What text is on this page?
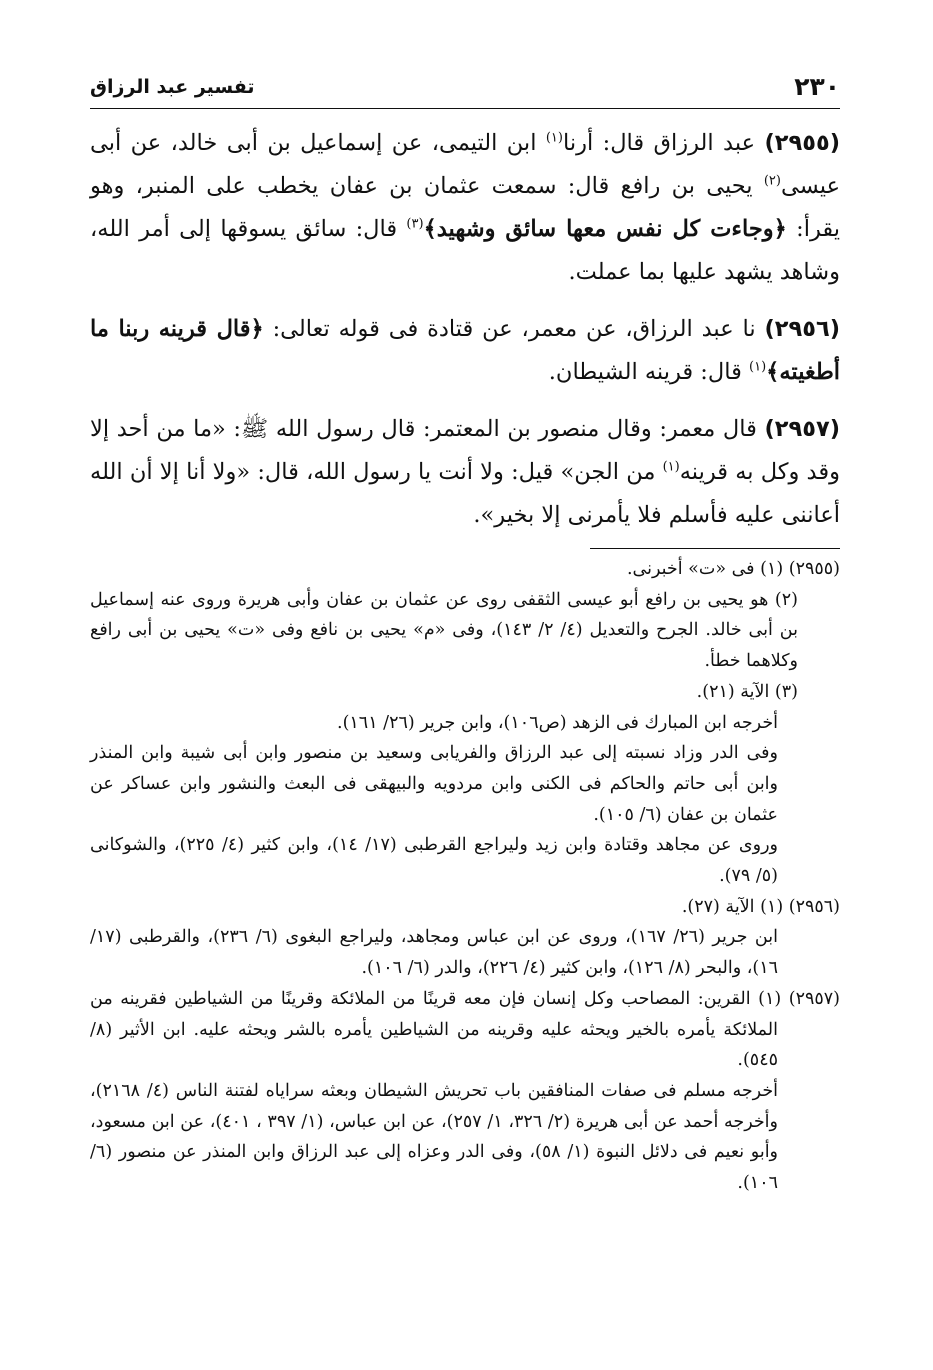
٢٣٠
تفسير عبد الرزاق

(٢٩٥٥) عبد الرزاق قال: أرنا$^{(١)}$ ابن التيمى، عن إسماعيل بن أبى خالد، عن أبى عيسى$^{(٢)}$ يحيى بن رافع قال: سمعت عثمان بن عفان يخطب على المنبر، وهو يقرأ: ﴿وجاءت كل نفس معها سائق وشهيد﴾$^{(٣)}$ قال: سائق يسوقها إلى أمر الله، وشاهد يشهد عليها بما عملت.

(٢٩٥٦) نا عبد الرزاق، عن معمر، عن قتادة فى قوله تعالى: ﴿قال قرينه ربنا ما أطغيته﴾$^{(١)}$ قال: قرينه الشيطان.

(٢٩٥٧) قال معمر: وقال منصور بن المعتمر: قال رسول الله ﷺ: «ما من أحد إلا وقد وكل به قرينه$^{(١)}$ من الجن» قيل: ولا أنت يا رسول الله، قال: «ولا أنا إلا أن الله أعاننى عليه فأسلم فلا يأمرنى إلا بخير».

(٢٩٥٥) (١) فى «ت» أخبرنى.

(٢) هو يحيى بن رافع أبو عيسى الثقفى روى عن عثمان بن عفان وأبى هريرة وروى عنه إسماعيل بن أبى خالد. الجرح والتعديل (٤/ ٢/ ١٤٣)، وفى «م» يحيى بن نافع وفى «ت» يحيى بن أبى رافع وكلاهما خطأ.

(٣) الآية (٢١).

أخرجه ابن المبارك فى الزهد (ص١٠٦)، وابن جرير (٢٦/ ١٦١).

وفى الدر وزاد نسبته إلى عبد الرزاق والفريابى وسعيد بن منصور وابن أبى شيبة وابن المنذر وابن أبى حاتم والحاكم فى الكنى وابن مردويه والبيهقى فى البعث والنشور وابن عساكر عن عثمان بن عفان (٦/ ١٠٥).

وروى عن مجاهد وقتادة وابن زيد وليراجع القرطبى (١٧/ ١٤)، وابن كثير (٤/ ٢٢٥)، والشوكانى (٥/ ٧٩).

(٢٩٥٦) (١) الآية (٢٧).

ابن جرير (٢٦/ ١٦٧)، وروى عن ابن عباس ومجاهد، وليراجع البغوى (٦/ ٢٣٦)، والقرطبى (١٧/ ١٦)، والبحر (٨/ ١٢٦)، وابن كثير (٤/ ٢٢٦)، والدر (٦/ ١٠٦).

(٢٩٥٧) (١) القرين: المصاحب وكل إنسان فإن معه قرينًا من الملائكة وقرينًا من الشياطين فقرينه من الملائكة يأمره بالخير ويحثه عليه وقرينه من الشياطين يأمره بالشر ويحثه عليه. ابن الأثير (٨/ ٥٤٥).

أخرجه مسلم فى صفات المنافقين باب تحريش الشيطان وبعثه سراياه لفتنة الناس (٤/ ٢١٦٨)، وأخرجه أحمد عن أبى هريرة (٢/ ٣٢٦، ١/ ٢٥٧)، عن ابن عباس، (١/ ٣٩٧ ، ٤٠١)، عن ابن مسعود، وأبو نعيم فى دلائل النبوة (١/ ٥٨)، وفى الدر وعزاه إلى عبد الرزاق وابن المنذر عن منصور (٦/ ١٠٦).
